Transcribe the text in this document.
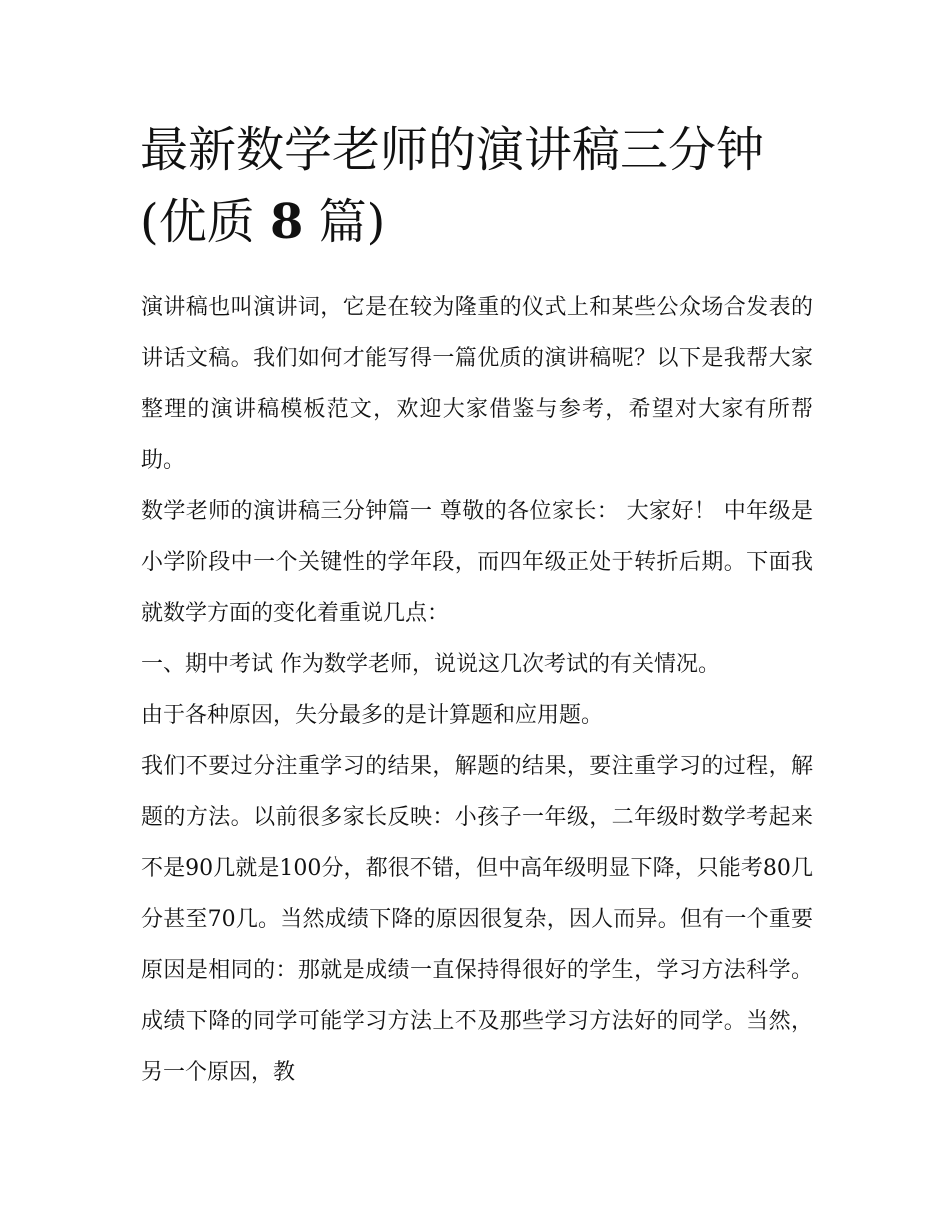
最新数学老师的演讲稿三分钟
(优质 8 篇)

演讲稿也叫演讲词，它是在较为隆重的仪式上和某些公众场合发表的讲话文稿。我们如何才能写得一篇优质的演讲稿呢？以下是我帮大家整理的演讲稿模板范文，欢迎大家借鉴与参考，希望对大家有所帮助。

数学老师的演讲稿三分钟篇一 尊敬的各位家长： 大家好！ 中年级是小学阶段中一个关键性的学年段，而四年级正处于转折后期。下面我就数学方面的变化着重说几点：

一、期中考试 作为数学老师，说说这几次考试的有关情况。

由于各种原因，失分最多的是计算题和应用题。

我们不要过分注重学习的结果，解题的结果，要注重学习的过程，解题的方法。以前很多家长反映：小孩子一年级，二年级时数学考起来不是90几就是100分，都很不错，但中高年级明显下降，只能考80几分甚至70几。当然成绩下降的原因很复杂，因人而异。但有一个重要原因是相同的：那就是成绩一直保持得很好的学生，学习方法科学。成绩下降的同学可能学习方法上不及那些学习方法好的同学。当然，另一个原因，教
